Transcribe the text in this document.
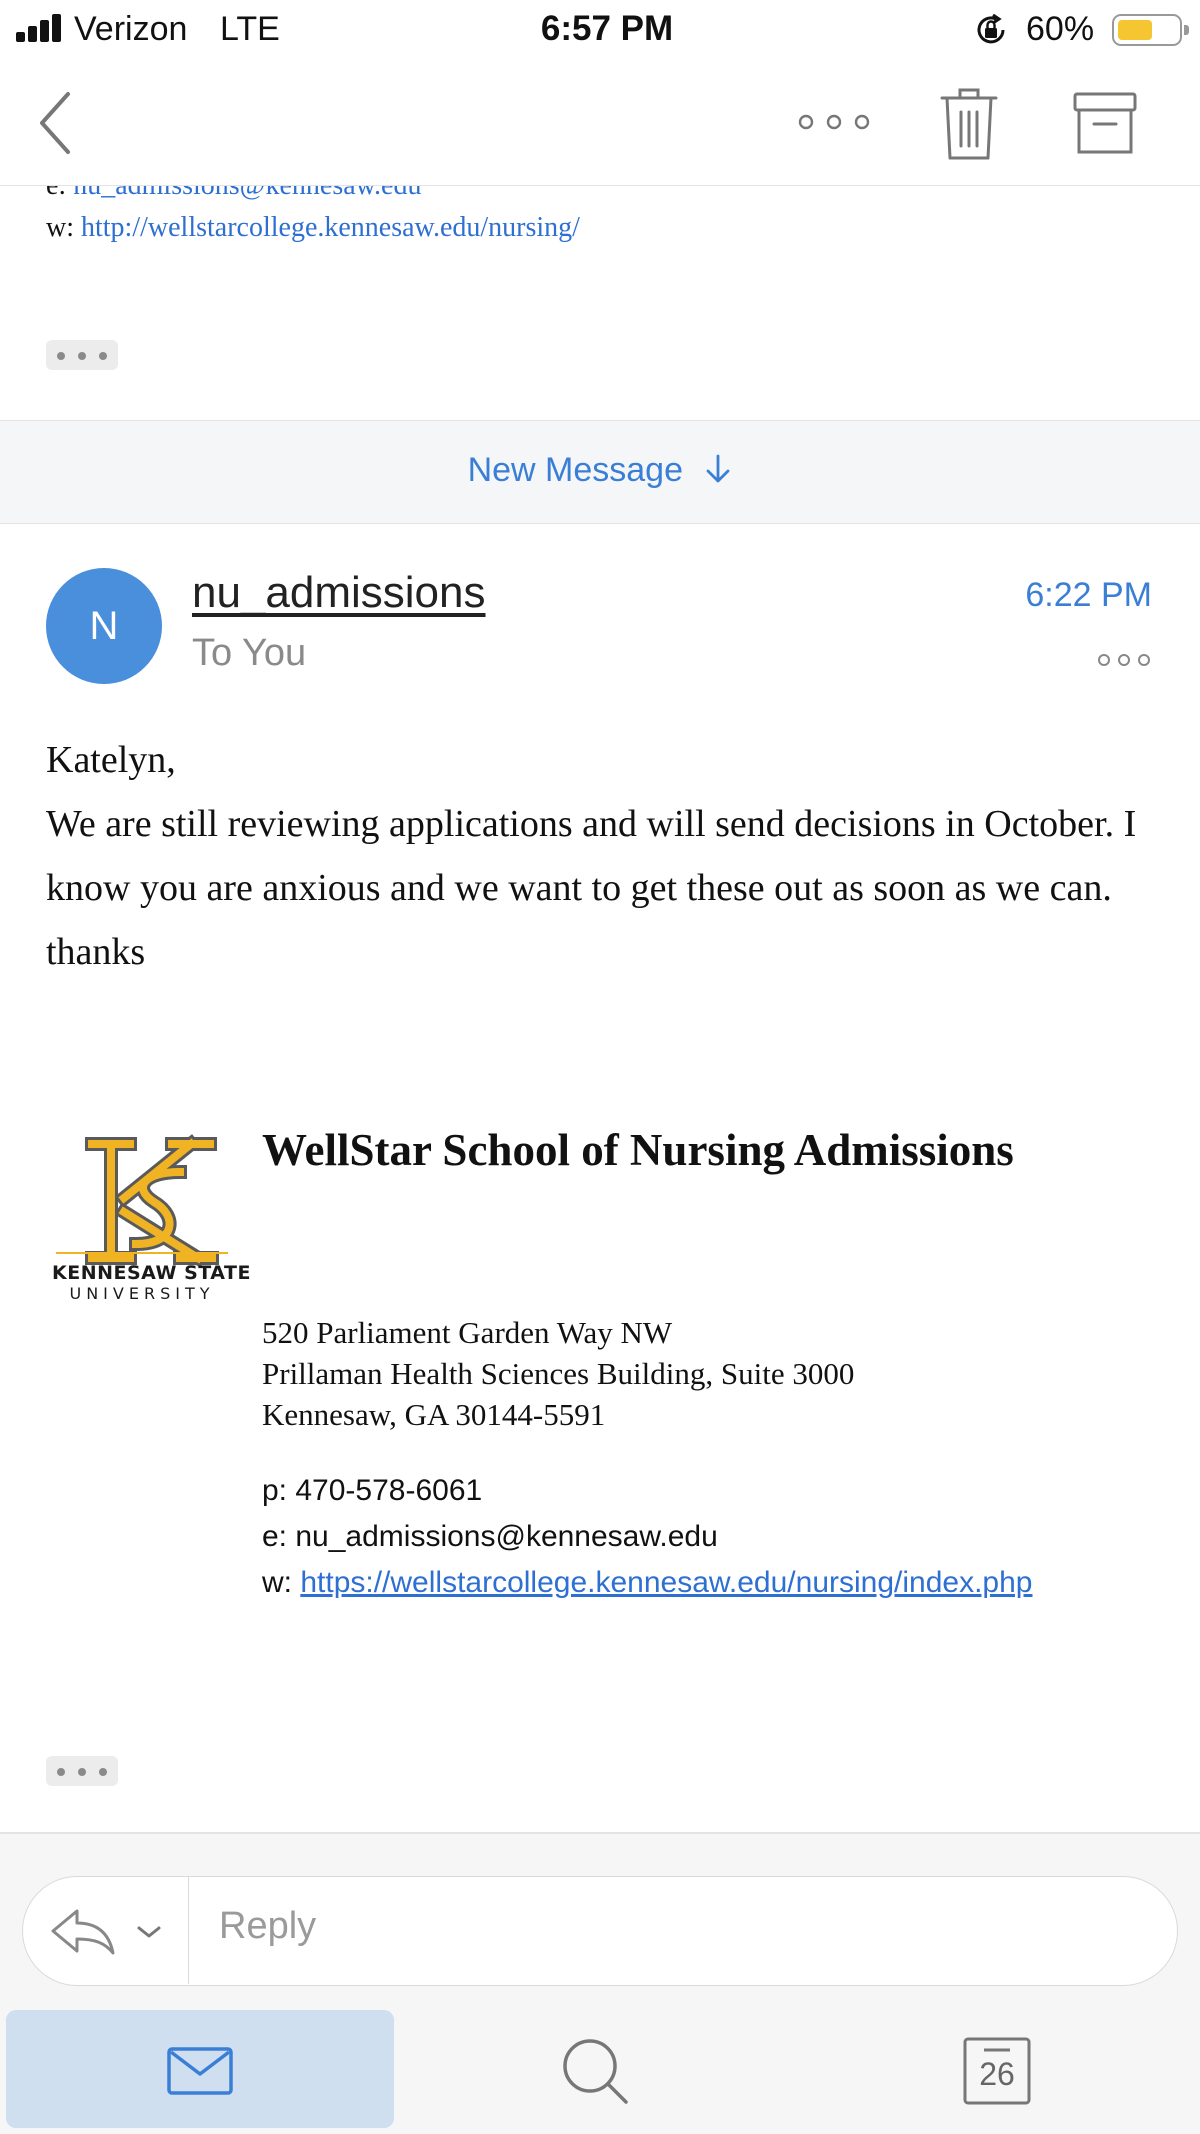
Verizon LTE	6:57 PM	60%
w: http://wellstarcollege.kennesaw.edu/nursing/
New Message
N
nu_admissions
To You
6:22 PM

Katelyn,

We are still reviewing applications and will send decisions in October. I know you are anxious and we want to get these out as soon as we can.

thanks

KENNESAW STATE
UNIVERSITY
WellStar School of Nursing Admissions
520 Parliament Garden Way NW
Prillaman Health Sciences Building, Suite 3000
Kennesaw, GA 30144-5591
p: 470-578-6061
e: nu_admissions@kennesaw.edu
w: https://wellstarcollege.kennesaw.edu/nursing/index.php
Reply
26
